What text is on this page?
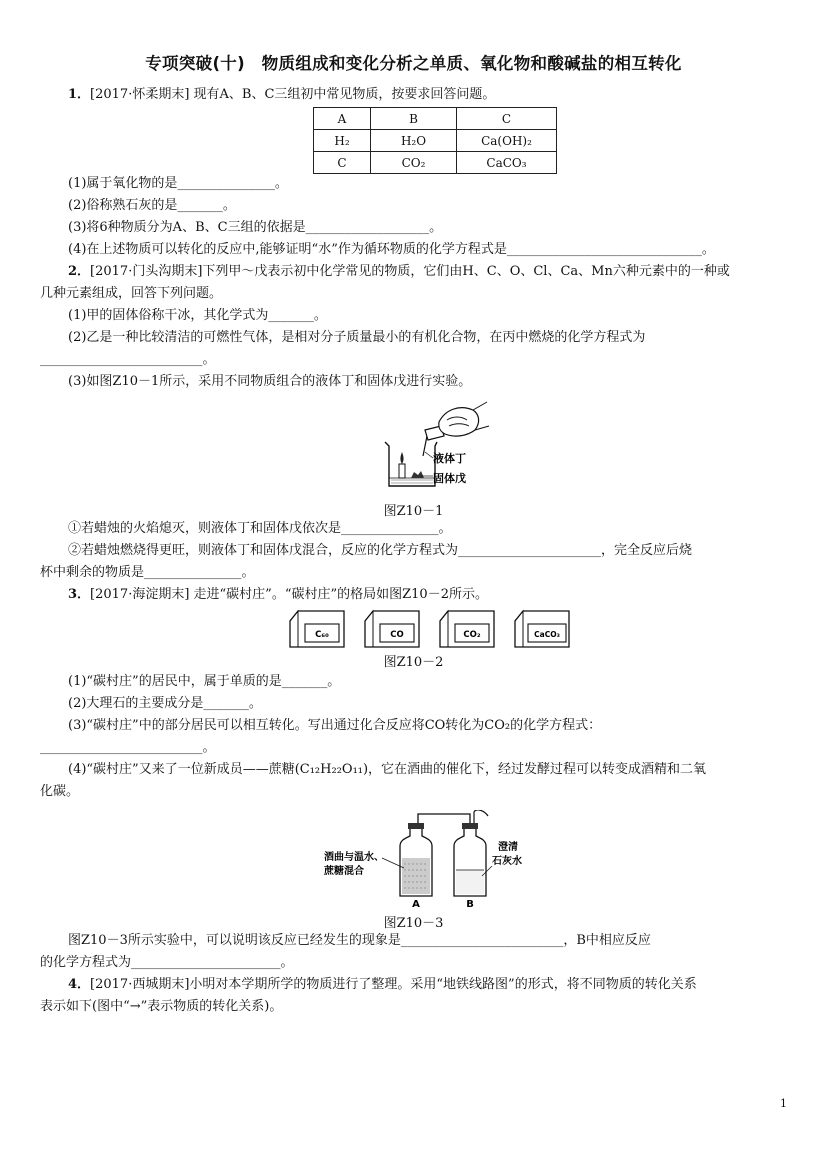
专项突破(十)　物质组成和变化分析之单质、氧化物和酸碱盐的相互转化
1．[2017·怀柔期末] 现有A、B、C三组初中常见物质，按要求回答问题。
A	B	C
H₂	H₂O	Ca(OH)₂
C	CO₂	CaCO₃
(1)属于氧化物的是_______________。
(2)俗称熟石灰的是_______。
(3)将6种物质分为A、B、C三组的依据是___________________。
(4)在上述物质可以转化的反应中,能够证明“水”作为循环物质的化学方程式是______________________________。
2．[2017·门头沟期末]下列甲～戊表示初中化学常见的物质，它们由H、C、O、Cl、Ca、Mn六种元素中的一种或
几种元素组成，回答下列问题。
(1)甲的固体俗称干冰，其化学式为_______。
(2)乙是一种比较清洁的可燃性气体，是相对分子质量最小的有机化合物，在丙中燃烧的化学方程式为
_________________________。
(3)如图Z10－1所示，采用不同物质组合的液体丁和固体戊进行实验。
液体丁
固体戊
图Z10－1
①若蜡烛的火焰熄灭，则液体丁和固体戊依次是_______________。
②若蜡烛燃烧得更旺，则液体丁和固体戊混合，反应的化学方程式为______________________，完全反应后烧
杯中剩余的物质是_______________。
3．[2017·海淀期末] 走进“碳村庄”。“碳村庄”的格局如图Z10－2所示。
C₆₀	CO	CO₂	CaCO₃
图Z10－2
(1)“碳村庄”的居民中，属于单质的是_______。
(2)大理石的主要成分是_______。
(3)“碳村庄”中的部分居民可以相互转化。写出通过化合反应将CO转化为CO₂的化学方程式：
_________________________。
(4)“碳村庄”又来了一位新成员——蔗糖(C₁₂H₂₂O₁₁)，它在酒曲的催化下，经过发酵过程可以转变成酒精和二氧
化碳。
酒曲与温水、
蔗糖混合
澄清
石灰水
A	B
图Z10－3
图Z10－3所示实验中，可以说明该反应已经发生的现象是_________________________，B中相应反应
的化学方程式为_______________________。
4．[2017·西城期末]小明对本学期所学的物质进行了整理。采用“地铁线路图”的形式，将不同物质的转化关系
表示如下(图中“→”表示物质的转化关系)。
1
